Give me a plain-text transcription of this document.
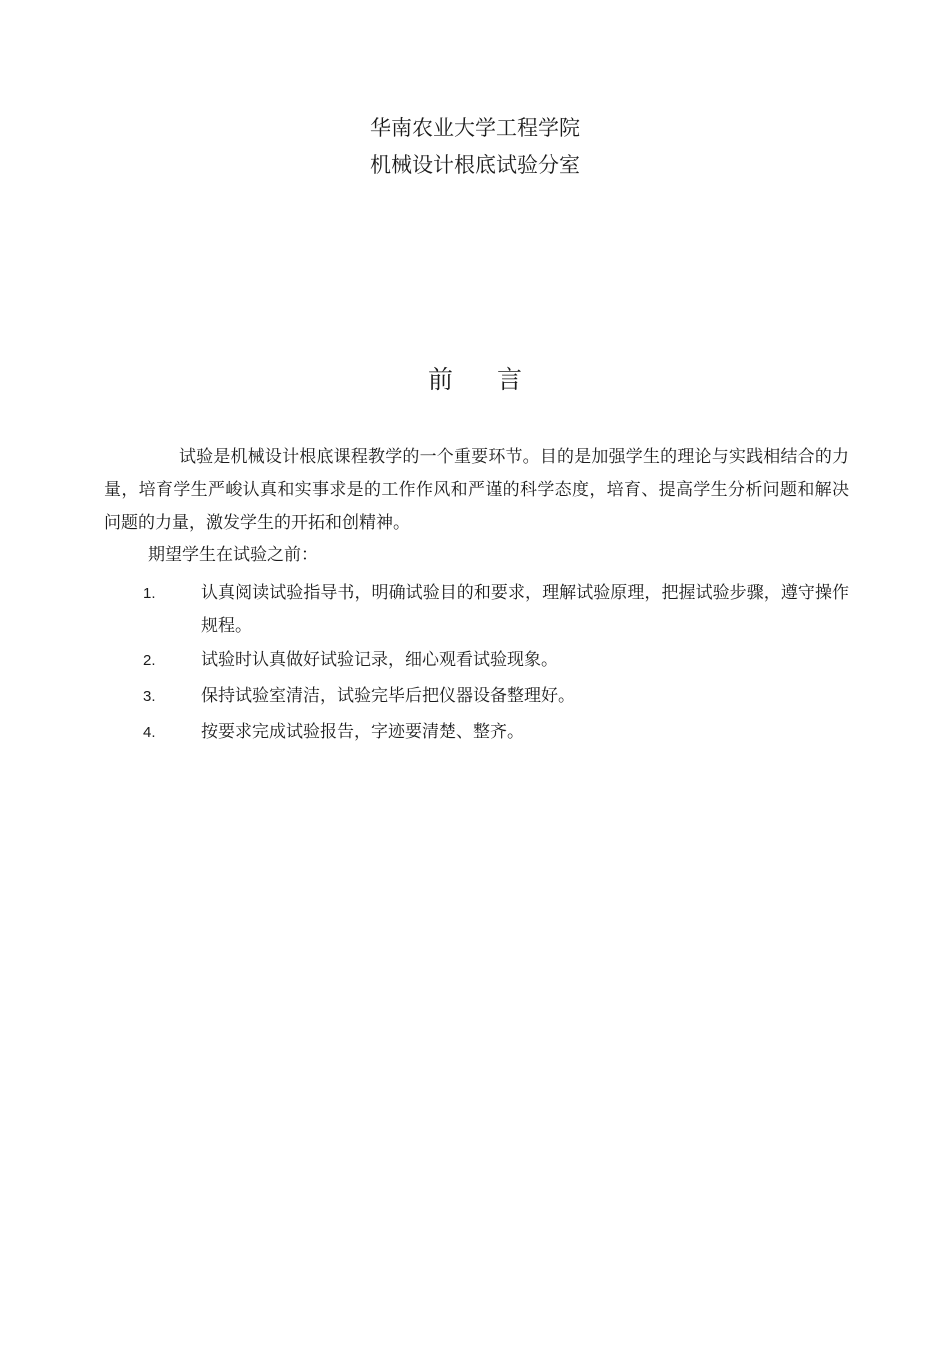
华南农业大学工程学院
机械设计根底试验分室
前言

试验是机械设计根底课程教学的一个重要环节。目的是加强学生的理论与实践相结合的力量，培育学生严峻认真和实事求是的工作作风和严谨的科学态度，培育、提高学生分析问题和解决问题的力量，激发学生的开拓和创精神。

期望学生在试验之前：

1.	认真阅读试验指导书，明确试验目的和要求，理解试验原理，把握试验步骤，遵守操作规程。
2.	试验时认真做好试验记录，细心观看试验现象。
3.	保持试验室清洁，试验完毕后把仪器设备整理好。
4.	按要求完成试验报告，字迹要清楚、整齐。
